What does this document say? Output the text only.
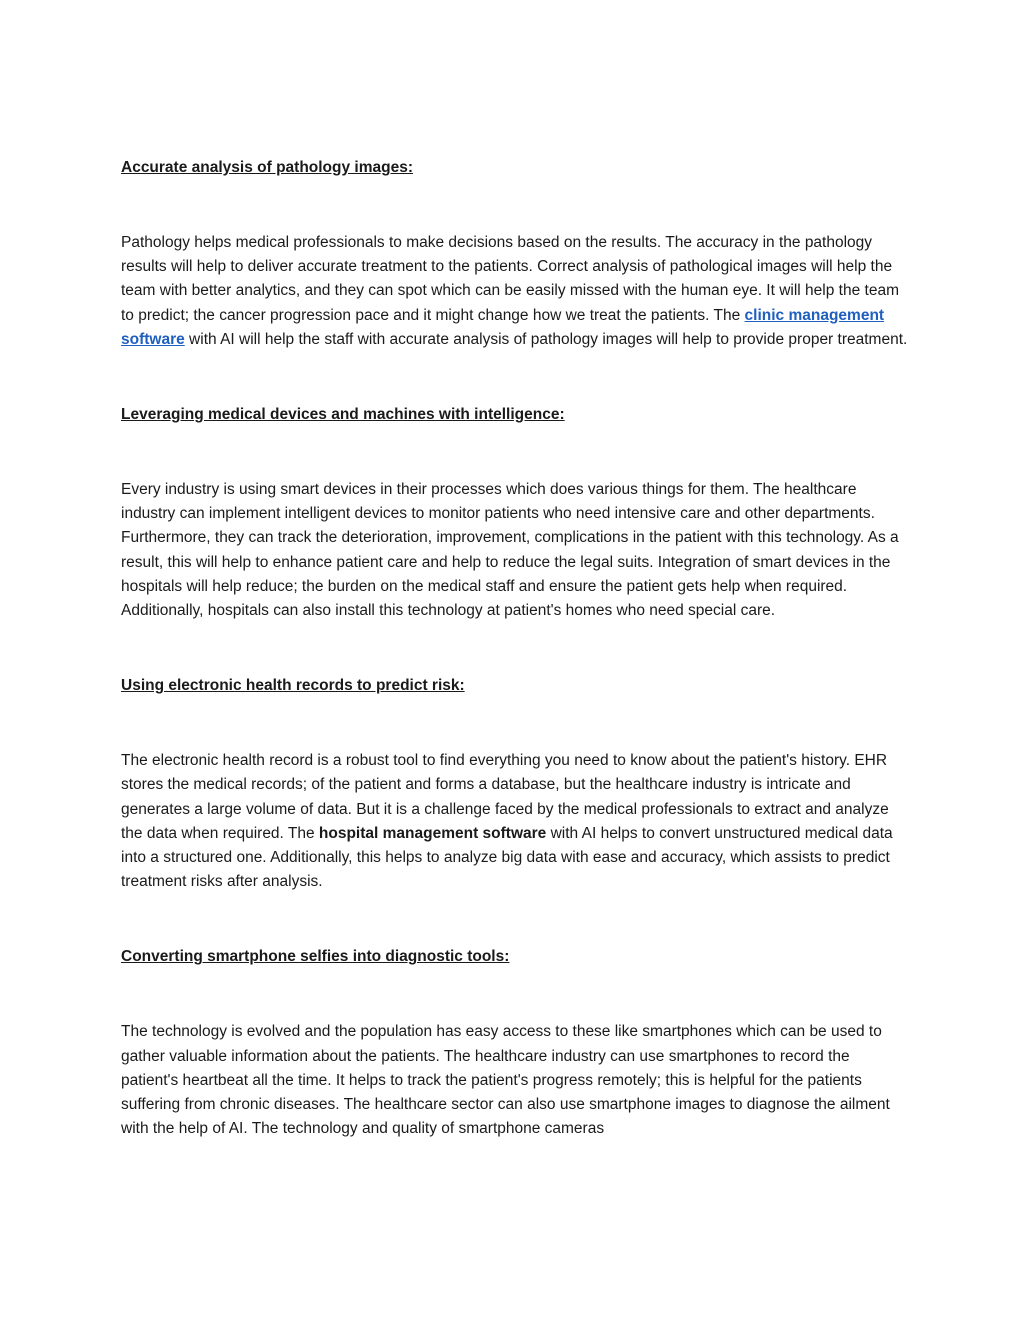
Accurate analysis of pathology images:

Pathology helps medical professionals to make decisions based on the results. The accuracy in the pathology results will help to deliver accurate treatment to the patients. Correct analysis of pathological images will help the team with better analytics, and they can spot which can be easily missed with the human eye. It will help the team to predict; the cancer progression pace and it might change how we treat the patients. The clinic management software with AI will help the staff with accurate analysis of pathology images will help to provide proper treatment.

Leveraging medical devices and machines with intelligence:

Every industry is using smart devices in their processes which does various things for them. The healthcare industry can implement intelligent devices to monitor patients who need intensive care and other departments. Furthermore, they can track the deterioration, improvement, complications in the patient with this technology. As a result, this will help to enhance patient care and help to reduce the legal suits. Integration of smart devices in the hospitals will help reduce; the burden on the medical staff and ensure the patient gets help when required. Additionally, hospitals can also install this technology at patient's homes who need special care.

Using electronic health records to predict risk:

The electronic health record is a robust tool to find everything you need to know about the patient's history. EHR stores the medical records; of the patient and forms a database, but the healthcare industry is intricate and generates a large volume of data. But it is a challenge faced by the medical professionals to extract and analyze the data when required. The hospital management software with AI helps to convert unstructured medical data into a structured one. Additionally, this helps to analyze big data with ease and accuracy, which assists to predict treatment risks after analysis.

Converting smartphone selfies into diagnostic tools:

The technology is evolved and the population has easy access to these like smartphones which can be used to gather valuable information about the patients. The healthcare industry can use smartphones to record the patient's heartbeat all the time. It helps to track the patient's progress remotely; this is helpful for the patients suffering from chronic diseases. The healthcare sector can also use smartphone images to diagnose the ailment with the help of AI. The technology and quality of smartphone cameras
